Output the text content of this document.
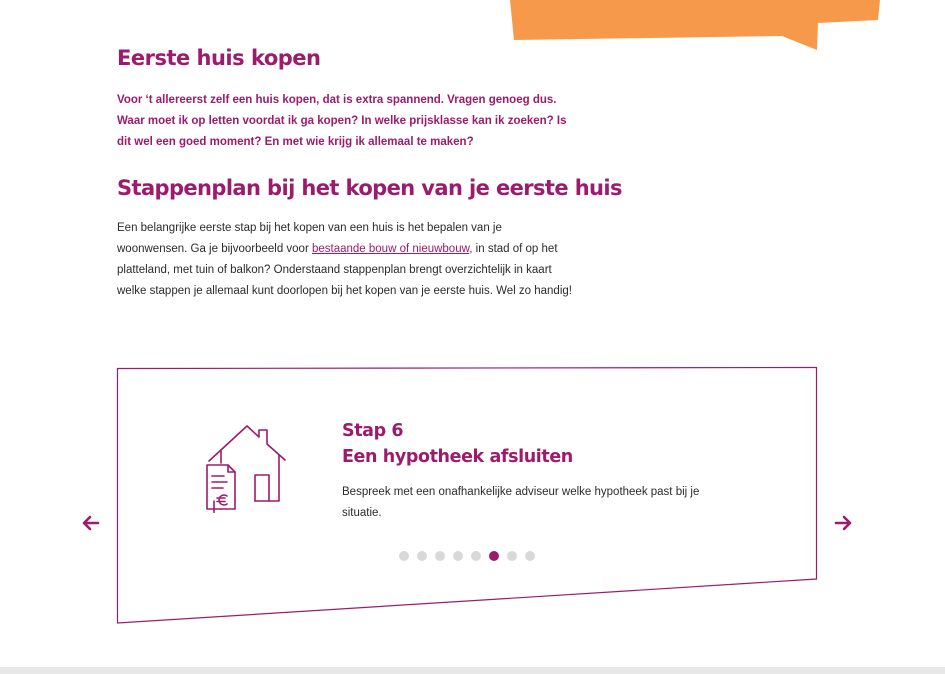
Eerste huis kopen

Voor ‘t allereerst zelf een huis kopen, dat is extra spannend. Vragen genoeg dus. Waar moet ik op letten voordat ik ga kopen? In welke prijsklasse kan ik zoeken? Is dit wel een goed moment? En met wie krijg ik allemaal te maken?

Stappenplan bij het kopen van je eerste huis

Een belangrijke eerste stap bij het kopen van een huis is het bepalen van je woonwensen. Ga je bijvoorbeeld voor bestaande bouw of nieuwbouw, in stad of op het platteland, met tuin of balkon? Onderstaand stappenplan brengt overzichtelijk in kaart welke stappen je allemaal kunt doorlopen bij het kopen van je eerste huis. Wel zo handig!

Stap 6
Een hypotheek afsluiten

Bespreek met een onafhankelijke adviseur welke hypotheek past bij je situatie.
